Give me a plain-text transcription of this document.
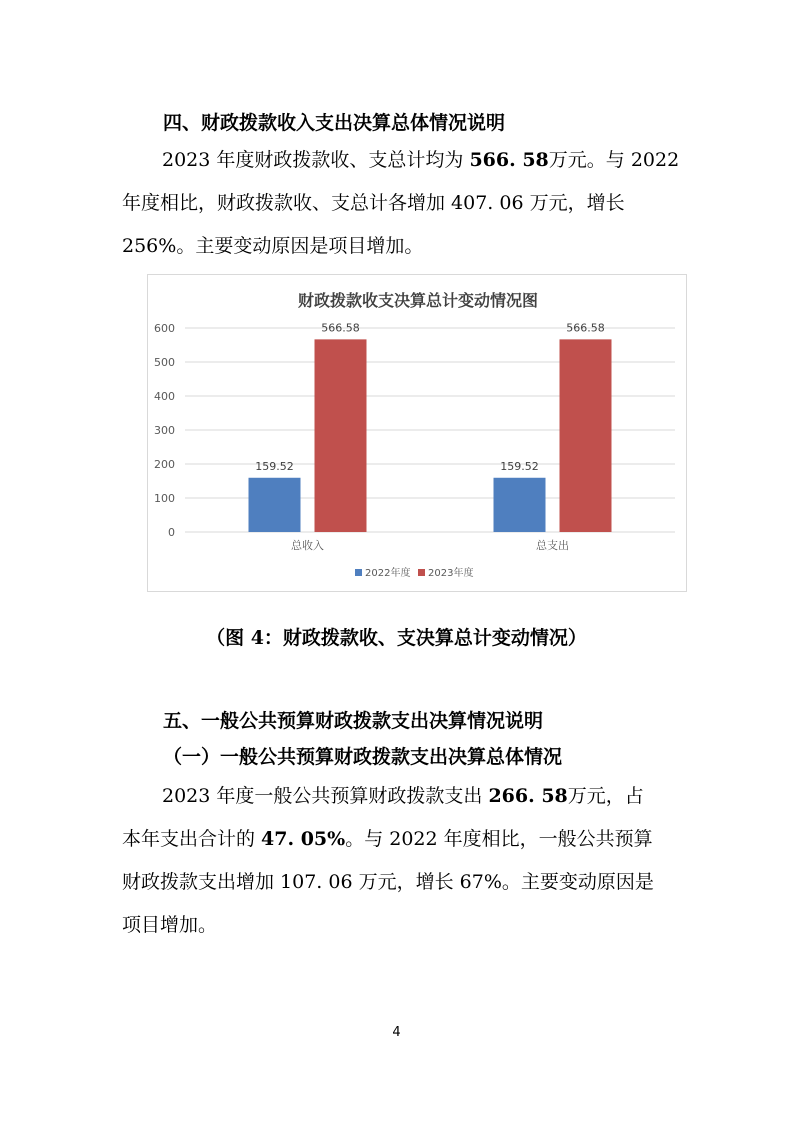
四、财政拨款收入支出决算总体情况说明
2023 年度财政拨款收、支总计均为 566. 58万元。与 2022
年度相比，财政拨款收、支总计各增加 407. 06 万元，增长
256%。主要变动原因是项目增加。
财政拨款收支决算总计变动情况图
0
100
200
300
400
500
600
159.52
566.58
总收入
159.52
566.58
总支出
2022年度 2023年度
（图 4：财政拨款收、支决算总计变动情况）
五、一般公共预算财政拨款支出决算情况说明
（一）一般公共预算财政拨款支出决算总体情况
2023 年度一般公共预算财政拨款支出 266. 58万元，占
本年支出合计的 47. 05%。与 2022 年度相比，一般公共预算
财政拨款支出增加 107. 06 万元，增长 67%。主要变动原因是
项目增加。
4
